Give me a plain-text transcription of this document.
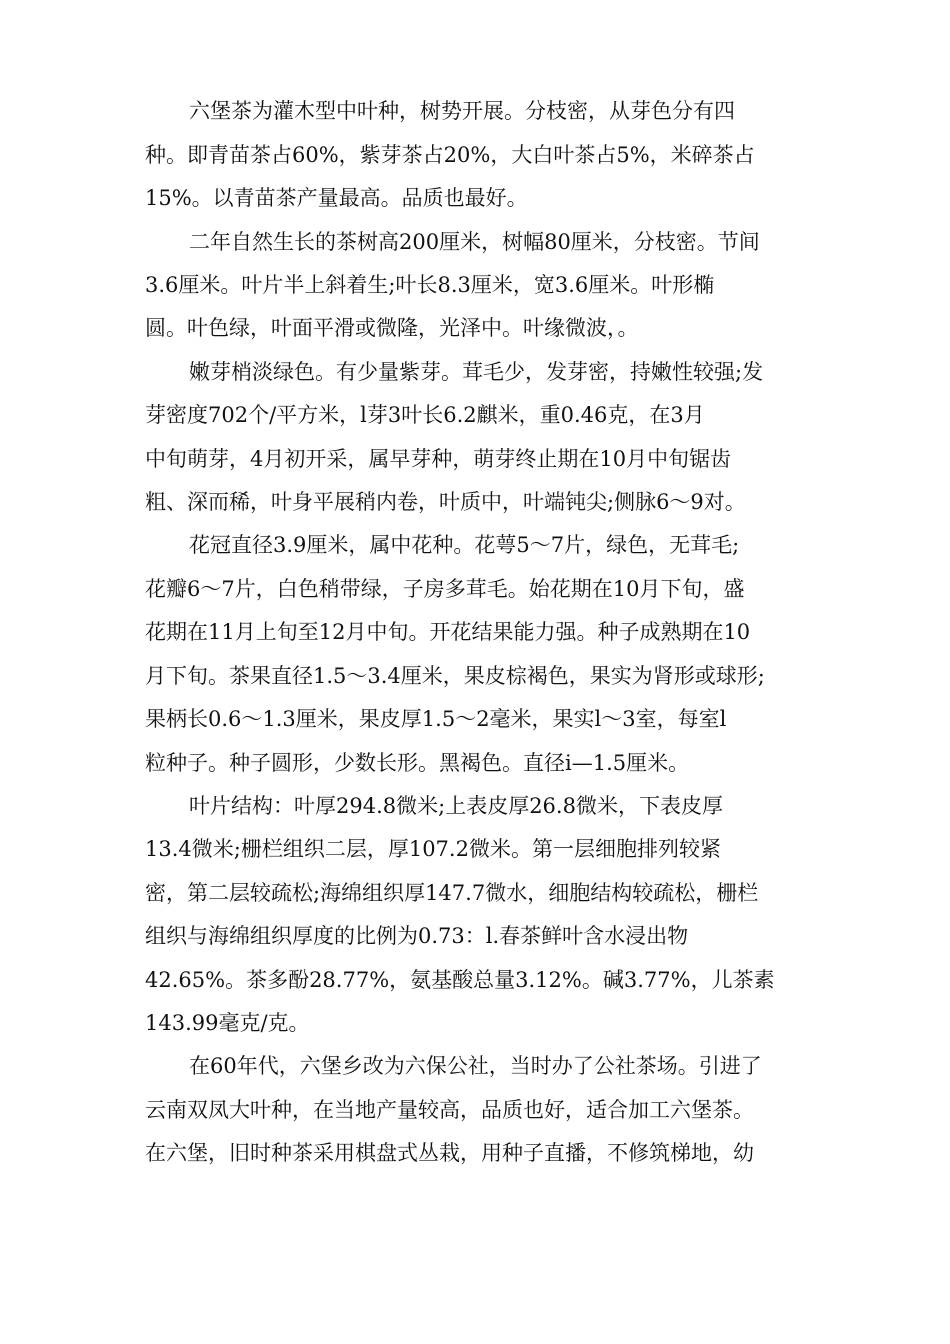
六堡茶为灌木型中叶种，树势开展。分枝密，从芽色分有四
种。即青苗茶占60%，紫芽茶占20%，大白叶茶占5%，米碎茶占
15%。以青苗茶产量最高。品质也最好。
二年自然生长的茶树高200厘米，树幅80厘米，分枝密。节间
3.6厘米。叶片半上斜着生;叶长8.3厘米，宽3.6厘米。叶形椭
圆。叶色绿，叶面平滑或微隆，光泽中。叶缘微波，。
嫩芽梢淡绿色。有少量紫芽。茸毛少，发芽密，持嫩性较强;发
芽密度702个/平方米，l芽3叶长6.2麒米，重0.46克，在3月
中旬萌芽，4月初开采，属早芽种，萌芽终止期在10月中旬锯齿
粗、深而稀，叶身平展稍内卷，叶质中，叶端钝尖;侧脉6～9对。
花冠直径3.9厘米，属中花种。花萼5～7片，绿色，无茸毛;
花瓣6～7片，白色稍带绿，子房多茸毛。始花期在10月下旬，盛
花期在11月上旬至12月中旬。开花结果能力强。种子成熟期在10
月下旬。茶果直径1.5～3.4厘米，果皮棕褐色，果实为肾形或球形;
果柄长0.6～1.3厘米，果皮厚1.5～2毫米，果实l～3室，每室l
粒种子。种子圆形，少数长形。黑褐色。直径i—1.5厘米。
叶片结构：叶厚294.8微米;上表皮厚26.8微米，下表皮厚
13.4微米;栅栏组织二层，厚107.2微米。第一层细胞排列较紧
密，第二层较疏松;海绵组织厚147.7微水，细胞结构较疏松，栅栏
组织与海绵组织厚度的比例为0.73：l.春茶鲜叶含水浸出物
42.65%。茶多酚28.77%，氨基酸总量3.12%。碱3.77%，儿茶素
143.99毫克/克。
在60年代，六堡乡改为六保公社，当时办了公社茶场。引进了
云南双凤大叶种，在当地产量较高，品质也好，适合加工六堡茶。
在六堡，旧时种茶采用棋盘式丛栽，用种子直播，不修筑梯地，幼
